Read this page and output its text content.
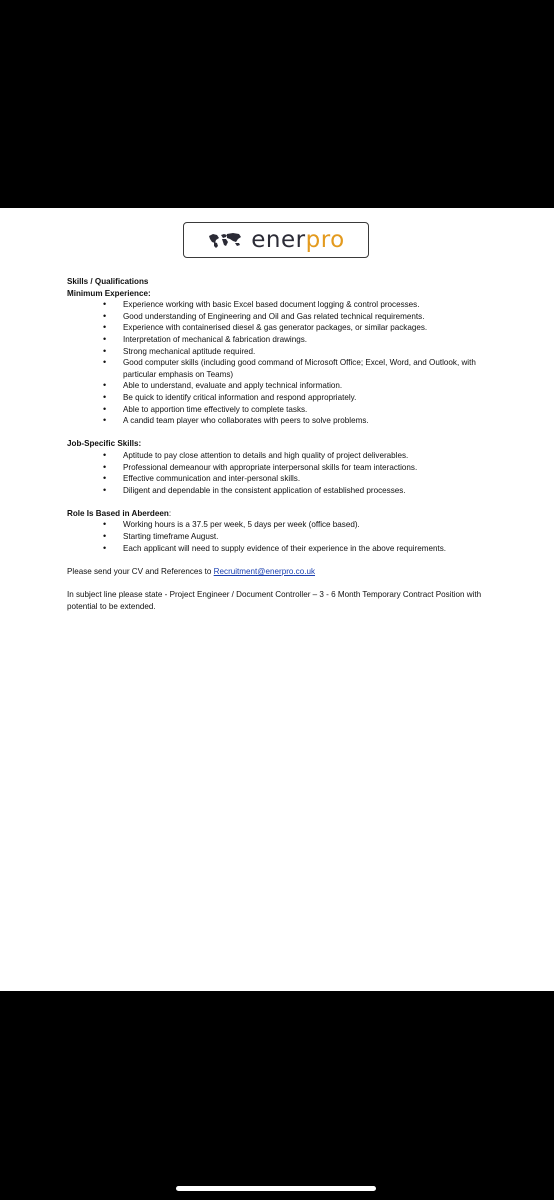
enerpro
Skills / Qualifications
Minimum Experience:
• Experience working with basic Excel based document logging & control processes.
• Good understanding of Engineering and Oil and Gas related technical requirements.
• Experience with containerised diesel & gas generator packages, or similar packages.
• Interpretation of mechanical & fabrication drawings.
• Strong mechanical aptitude required.
• Good computer skills (including good command of Microsoft Office; Excel, Word, and Outlook, with particular emphasis on Teams)
• Able to understand, evaluate and apply technical information.
• Be quick to identify critical information and respond appropriately.
• Able to apportion time effectively to complete tasks.
• A candid team player who collaborates with peers to solve problems.
Job-Specific Skills:
• Aptitude to pay close attention to details and high quality of project deliverables.
• Professional demeanour with appropriate interpersonal skills for team interactions.
• Effective communication and inter-personal skills.
• Diligent and dependable in the consistent application of established processes.
Role Is Based in Aberdeen:
• Working hours is a 37.5 per week, 5 days per week (office based).
• Starting timeframe August.
• Each applicant will need to supply evidence of their experience in the above requirements.
Please send your CV and References to Recruitment@enerpro.co.uk
In subject line please state - Project Engineer / Document Controller – 3 - 6 Month Temporary Contract Position with potential to be extended.
